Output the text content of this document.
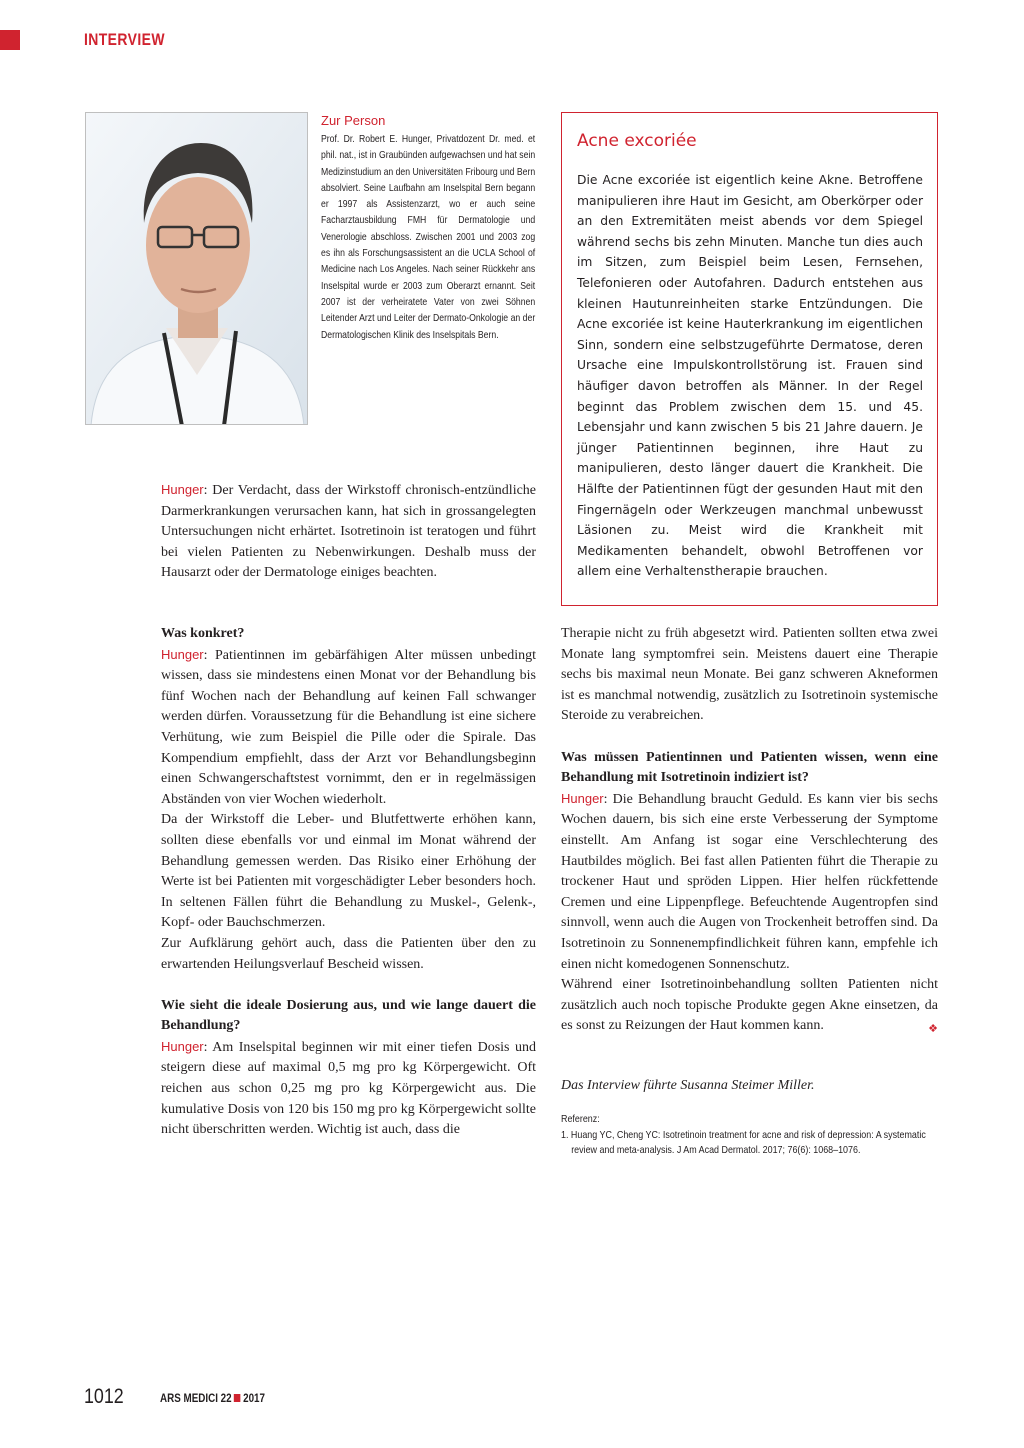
INTERVIEW
Zur Person
Prof. Dr. Robert E. Hunger, Privatdozent Dr. med. et phil. nat., ist in Graubünden aufgewachsen und hat sein Medizinstudium an den Universitäten Fribourg und Bern absolviert. Seine Laufbahn am Inselspital Bern begann er 1997 als Assistenzarzt, wo er auch seine Facharztausbildung FMH für Dermatologie und Venerologie abschloss. Zwischen 2001 und 2003 zog es ihn als Forschungsassistent an die UCLA School of Medicine nach Los Angeles. Nach seiner Rückkehr ans Inselspital wurde er 2003 zum Oberarzt ernannt. Seit 2007 ist der verheiratete Vater von zwei Söhnen Leitender Arzt und Leiter der Dermato-Onkologie an der Dermatologischen Klinik des Inselspitals Bern.
Acne excoriée
Die Acne excoriée ist eigentlich keine Akne. Betroffene manipulieren ihre Haut im Gesicht, am Oberkörper oder an den Extremitäten meist abends vor dem Spiegel während sechs bis zehn Minuten. Manche tun dies auch im Sitzen, zum Beispiel beim Lesen, Fernsehen, Telefonieren oder Autofahren. Dadurch entstehen aus kleinen Hautunreinheiten starke Entzündungen. Die Acne excoriée ist keine Hauterkrankung im eigentlichen Sinn, sondern eine selbstzugeführte Dermatose, deren Ursache eine Impulskontrollstörung ist. Frauen sind häufiger davon betroffen als Männer. In der Regel beginnt das Problem zwischen dem 15. und 45. Lebensjahr und kann zwischen 5 bis 21 Jahre dauern. Je jünger Patientinnen beginnen, ihre Haut zu manipulieren, desto länger dauert die Krankheit. Die Hälfte der Patientinnen fügt der gesunden Haut mit den Fingernägeln oder Werkzeugen manchmal unbewusst Läsionen zu. Meist wird die Krankheit mit Medikamenten behandelt, obwohl Betroffenen vor allem eine Verhaltenstherapie brauchen.

Hunger: Der Verdacht, dass der Wirkstoff chronisch-entzündliche Darmerkrankungen verursachen kann, hat sich in grossangelegten Untersuchungen nicht erhärtet. Isotretinoin ist teratogen und führt bei vielen Patienten zu Nebenwirkungen. Deshalb muss der Hausarzt oder der Dermatologe einiges beachten.

Was konkret?

Hunger: Patientinnen im gebärfähigen Alter müssen unbedingt wissen, dass sie mindestens einen Monat vor der Behandlung bis fünf Wochen nach der Behandlung auf keinen Fall schwanger werden dürfen. Voraussetzung für die Behandlung ist eine sichere Verhütung, wie zum Beispiel die Pille oder die Spirale. Das Kompendium empfiehlt, dass der Arzt vor Behandlungsbeginn einen Schwangerschaftstest vornimmt, den er in regelmässigen Abständen von vier Wochen wiederholt.

Da der Wirkstoff die Leber- und Blutfettwerte erhöhen kann, sollten diese ebenfalls vor und einmal im Monat während der Behandlung gemessen werden. Das Risiko einer Erhöhung der Werte ist bei Patienten mit vorgeschädigter Leber besonders hoch. In seltenen Fällen führt die Behandlung zu Muskel-, Gelenk-, Kopf- oder Bauchschmerzen.

Zur Aufklärung gehört auch, dass die Patienten über den zu erwartenden Heilungsverlauf Bescheid wissen.

Wie sieht die ideale Dosierung aus, und wie lange dauert die Behandlung?

Hunger: Am Inselspital beginnen wir mit einer tiefen Dosis und steigern diese auf maximal 0,5 mg pro kg Körpergewicht. Oft reichen aus schon 0,25 mg pro kg Körpergewicht aus. Die kumulative Dosis von 120 bis 150 mg pro kg Körpergewicht sollte nicht überschritten werden. Wichtig ist auch, dass die

Therapie nicht zu früh abgesetzt wird. Patienten sollten etwa zwei Monate lang symptomfrei sein. Meistens dauert eine Therapie sechs bis maximal neun Monate. Bei ganz schweren Akneformen ist es manchmal notwendig, zusätzlich zu Isotretinoin systemische Steroide zu verabreichen.

Was müssen Patientinnen und Patienten wissen, wenn eine Behandlung mit Isotretinoin indiziert ist?

Hunger: Die Behandlung braucht Geduld. Es kann vier bis sechs Wochen dauern, bis sich eine erste Verbesserung der Symptome einstellt. Am Anfang ist sogar eine Verschlechterung des Hautbildes möglich. Bei fast allen Patienten führt die Therapie zu trockener Haut und spröden Lippen. Hier helfen rückfettende Cremen und eine Lippenpflege. Befeuchtende Augentropfen sind sinnvoll, wenn auch die Augen von Trockenheit betroffen sind. Da Isotretinoin zu Sonnenempfindlichkeit führen kann, empfehle ich einen nicht komedogenen Sonnenschutz.

Während einer Isotretinoinbehandlung sollten Patienten nicht zusätzlich auch noch topische Produkte gegen Akne einsetzen, da es sonst zu Reizungen der Haut kommen kann.	❖

Das Interview führte Susanna Steimer Miller.
Referenz:
1. Huang YC, Cheng YC: Isotretinoin treatment for acne and risk of depression: A systematic review and meta-analysis. J Am Acad Dermatol. 2017; 76(6): 1068–1076.
1012	ARS MEDICI 22 2017
